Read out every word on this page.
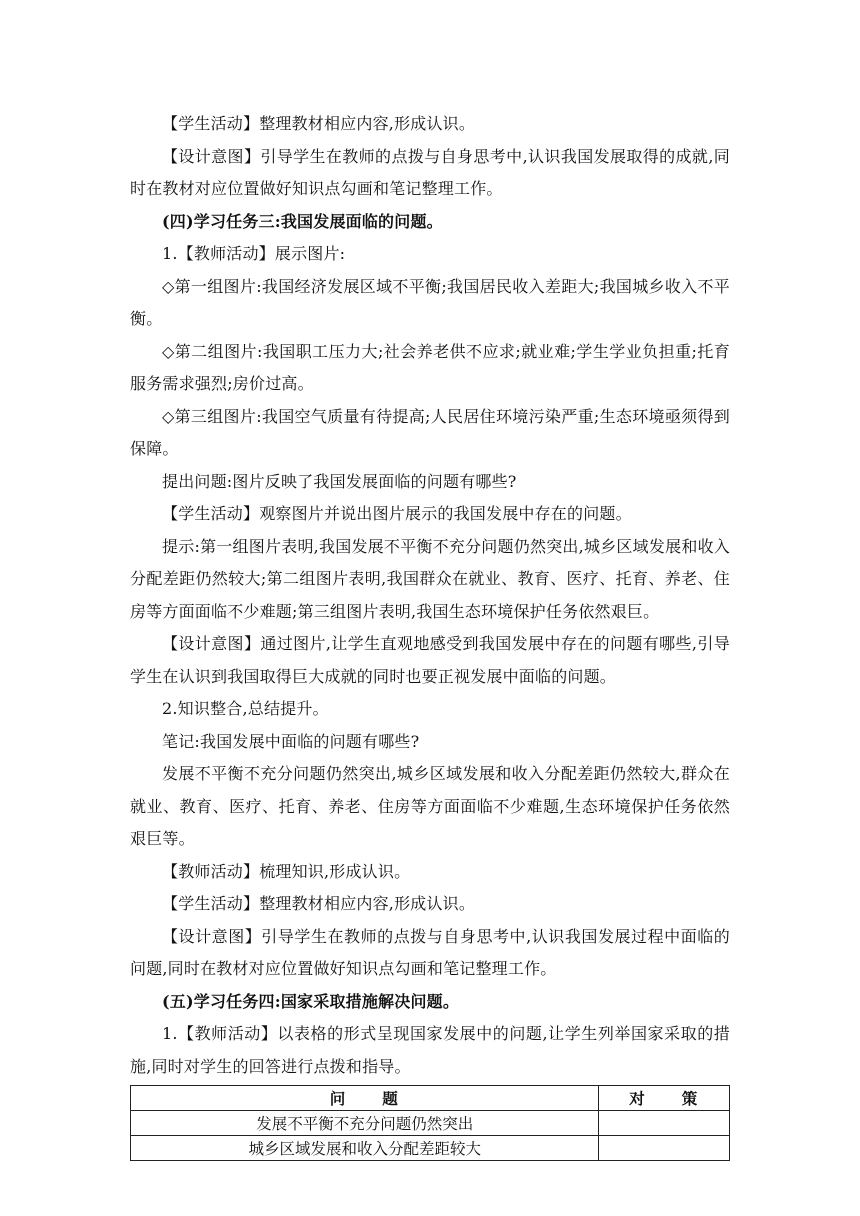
【学生活动】整理教材相应内容,形成认识。

【设计意图】引导学生在教师的点拨与自身思考中,认识我国发展取得的成就,同时在教材对应位置做好知识点勾画和笔记整理工作。

(四)学习任务三:我国发展面临的问题。

1.【教师活动】展示图片:

◇第一组图片:我国经济发展区域不平衡;我国居民收入差距大;我国城乡收入不平衡。

◇第二组图片:我国职工压力大;社会养老供不应求;就业难;学生学业负担重;托育服务需求强烈;房价过高。

◇第三组图片:我国空气质量有待提高;人民居住环境污染严重;生态环境亟须得到保障。

提出问题:图片反映了我国发展面临的问题有哪些?

【学生活动】观察图片并说出图片展示的我国发展中存在的问题。

提示:第一组图片表明,我国发展不平衡不充分问题仍然突出,城乡区域发展和收入分配差距仍然较大;第二组图片表明,我国群众在就业、教育、医疗、托育、养老、住房等方面面临不少难题;第三组图片表明,我国生态环境保护任务依然艰巨。

【设计意图】通过图片,让学生直观地感受到我国发展中存在的问题有哪些,引导学生在认识到我国取得巨大成就的同时也要正视发展中面临的问题。

2.知识整合,总结提升。

笔记:我国发展中面临的问题有哪些?

发展不平衡不充分问题仍然突出,城乡区域发展和收入分配差距仍然较大,群众在就业、教育、医疗、托育、养老、住房等方面面临不少难题,生态环境保护任务依然艰巨等。

【教师活动】梳理知识,形成认识。

【学生活动】整理教材相应内容,形成认识。

【设计意图】引导学生在教师的点拨与自身思考中,认识我国发展过程中面临的问题,同时在教材对应位置做好知识点勾画和笔记整理工作。

(五)学习任务四:国家采取措施解决问题。

1.【教师活动】以表格的形式呈现国家发展中的问题,让学生列举国家采取的措施,同时对学生的回答进行点拨和指导。

问　　题	对　　策
发展不平衡不充分问题仍然突出	
城乡区域发展和收入分配差距较大	
